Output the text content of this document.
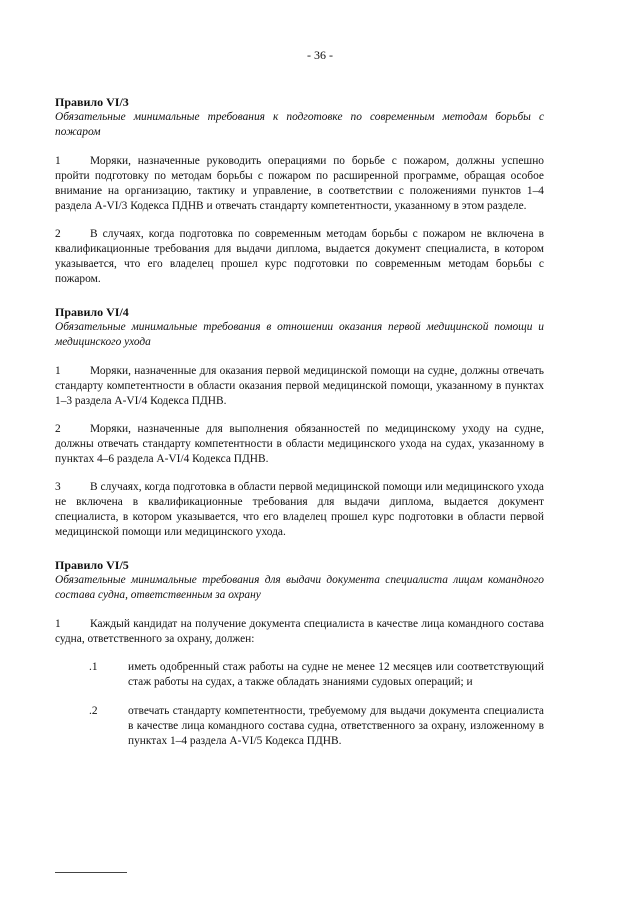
- 36 -
Правило VI/3
Обязательные минимальные требования к подготовке по современным методам борьбы с пожаром
1	Моряки, назначенные руководить операциями по борьбе с пожаром, должны успешно пройти подготовку по методам борьбы с пожаром по расширенной программе, обращая особое внимание на организацию, тактику и управление, в соответствии с положениями пунктов 1–4 раздела A-VI/3 Кодекса ПДНВ и отвечать стандарту компетентности, указанному в этом разделе.
2	В случаях, когда подготовка по современным методам борьбы с пожаром не включена в квалификационные требования для выдачи диплома, выдается документ специалиста, в котором указывается, что его владелец прошел курс подготовки по современным методам борьбы с пожаром.
Правило VI/4
Обязательные минимальные требования в отношении оказания первой медицинской помощи и медицинского ухода
1	Моряки, назначенные для оказания первой медицинской помощи на судне, должны отвечать стандарту компетентности в области оказания первой медицинской помощи, указанному в пунктах 1–3 раздела A-VI/4 Кодекса ПДНВ.
2	Моряки, назначенные для выполнения обязанностей по медицинскому уходу на судне, должны отвечать стандарту компетентности в области медицинского ухода на судах, указанному в пунктах 4–6 раздела A-VI/4 Кодекса ПДНВ.
3	В случаях, когда подготовка в области первой медицинской помощи или медицинского ухода не включена в квалификационные требования для выдачи диплома, выдается документ специалиста, в котором указывается, что его владелец прошел курс подготовки в области первой медицинской помощи или медицинского ухода.
Правило VI/5
Обязательные минимальные требования для выдачи документа специалиста лицам командного состава судна, ответственным за охрану
1	Каждый кандидат на получение документа специалиста в качестве лица командного состава судна, ответственного за охрану, должен:
.1	иметь одобренный стаж работы на судне не менее 12 месяцев или соответствующий стаж работы на судах, а также обладать знаниями судовых операций; и
.2	отвечать стандарту компетентности, требуемому для выдачи документа специалиста в качестве лица командного состава судна, ответственного за охрану, изложенному в пунктах 1–4 раздела A-VI/5 Кодекса ПДНВ.
